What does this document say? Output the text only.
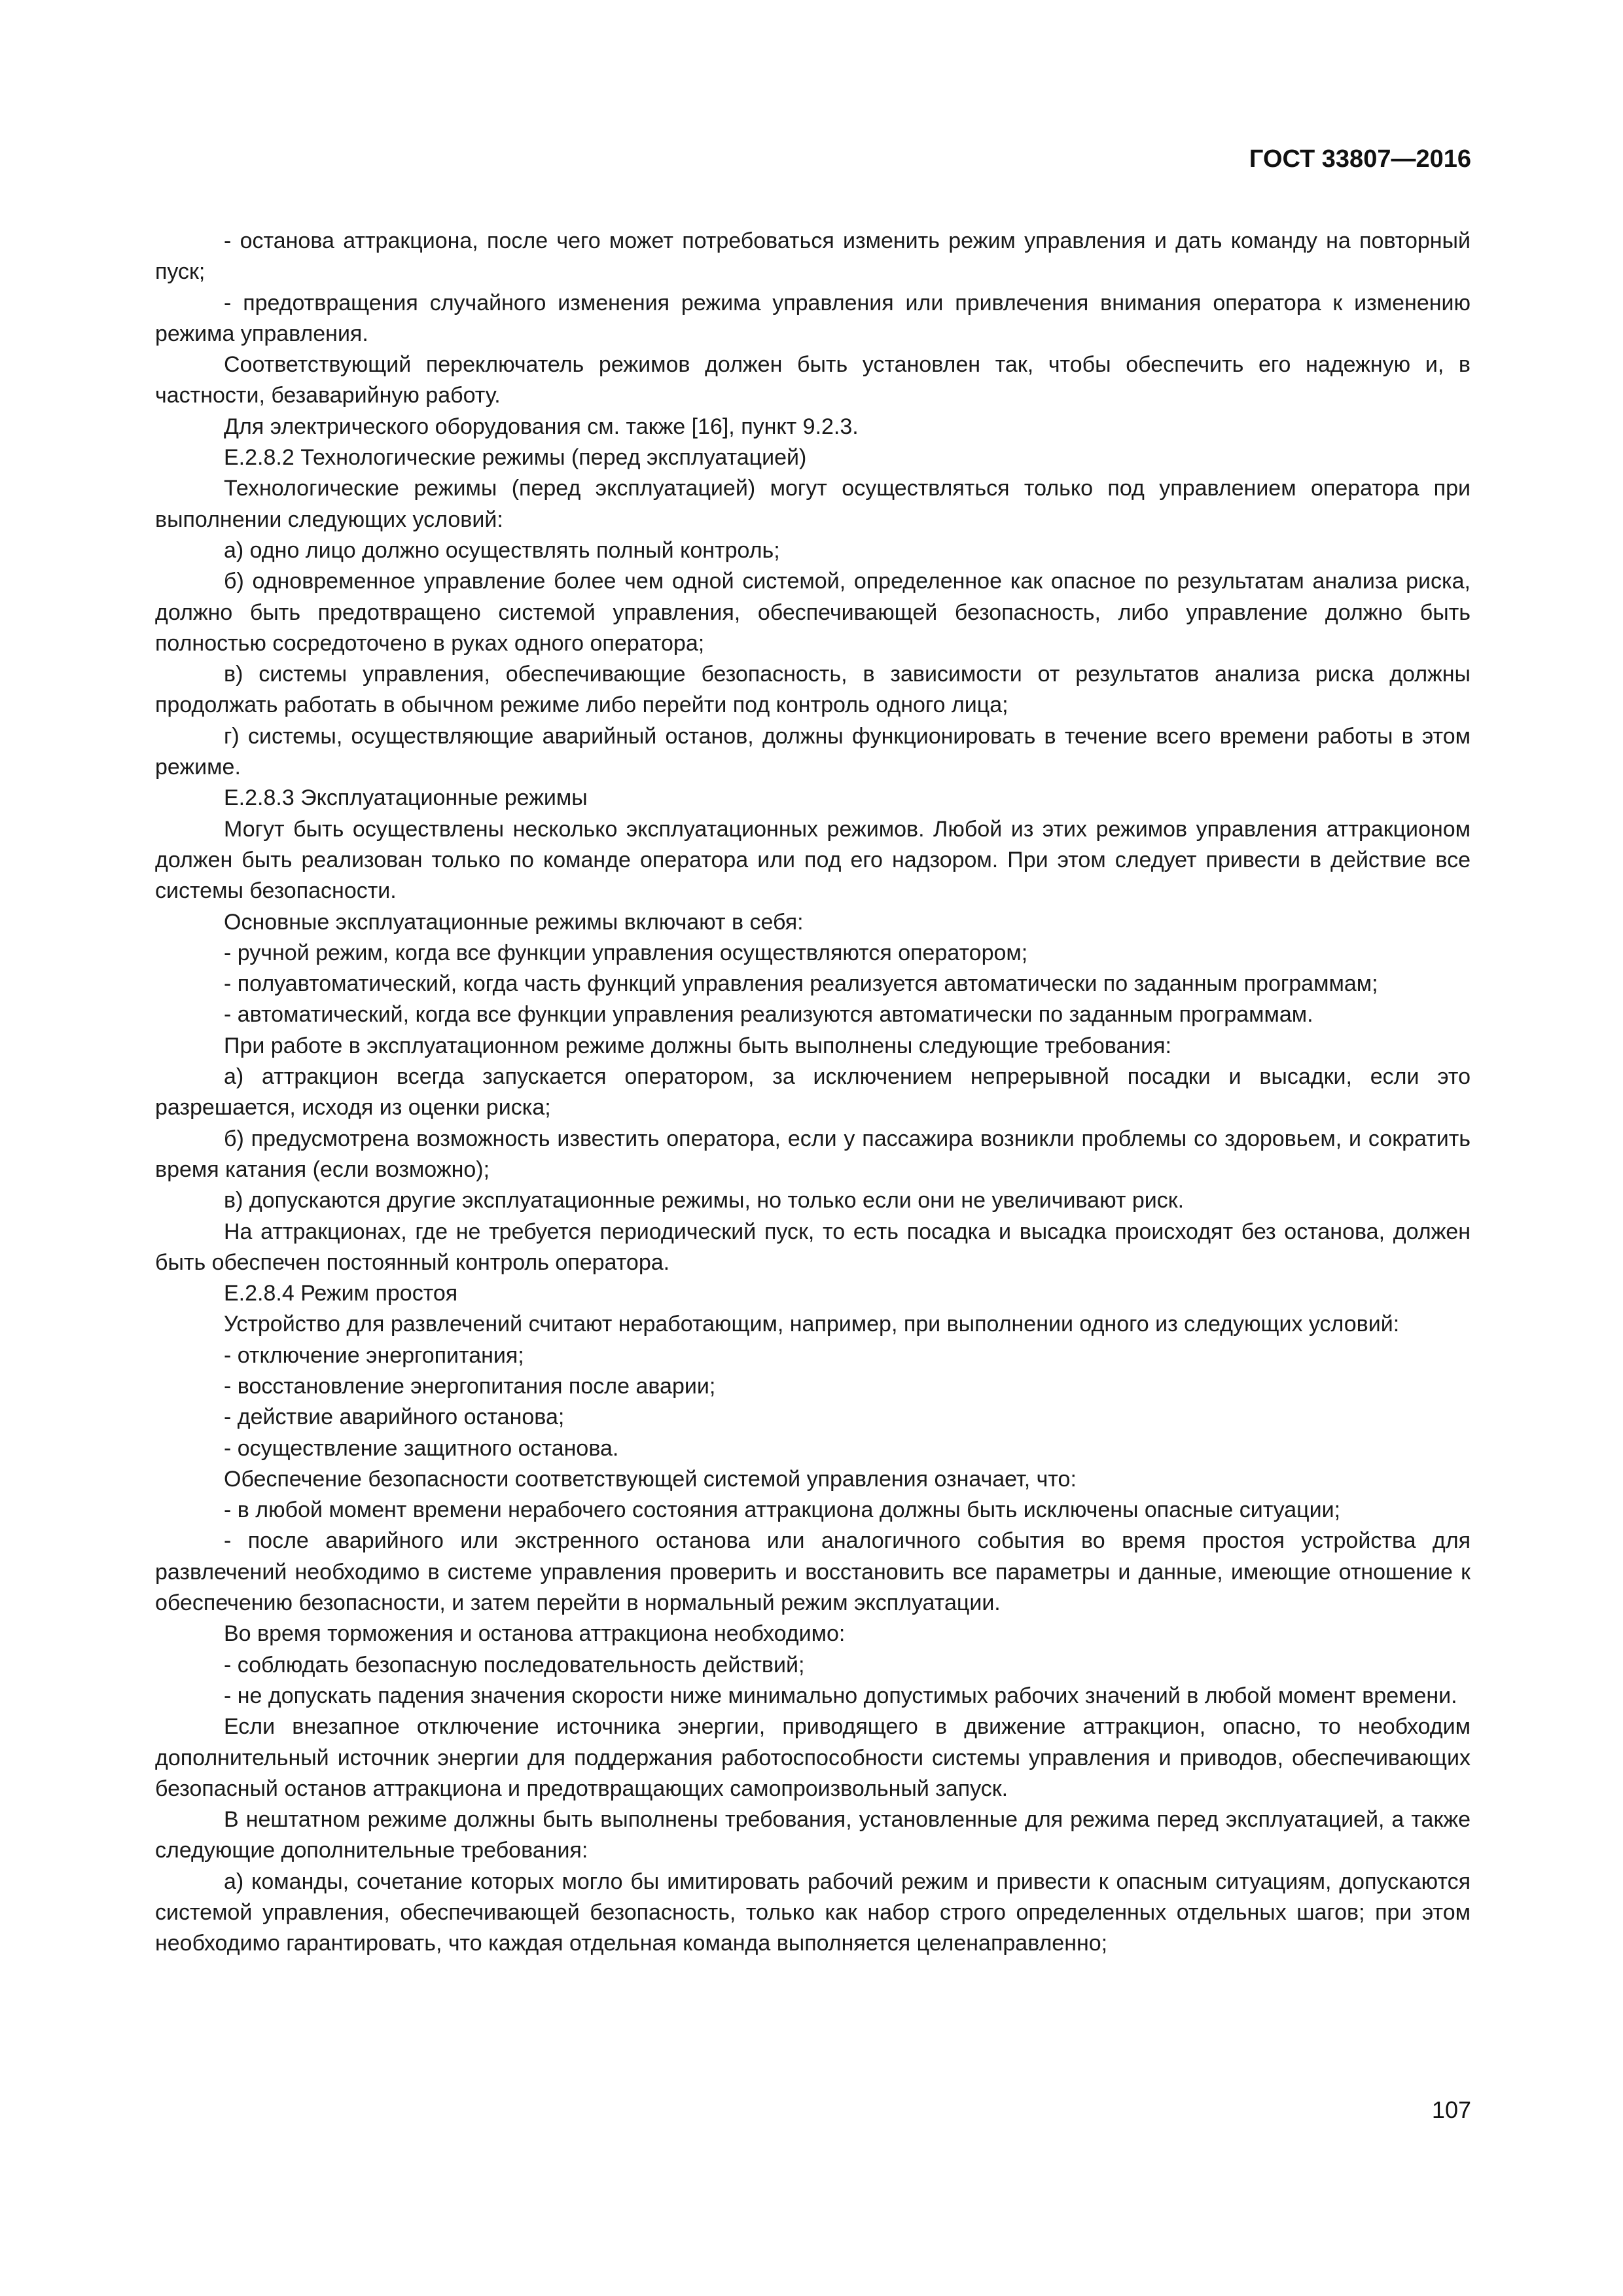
ГОСТ 33807—2016

- останова аттракциона, после чего может потребоваться изменить режим управления и дать команду на повторный пуск;

- предотвращения случайного изменения режима управления или привлечения внимания оператора к изменению режима управления.

Соответствующий переключатель режимов должен быть установлен так, чтобы обеспечить его надежную и, в частности, безаварийную работу.

Для электрического оборудования см. также [16], пункт 9.2.3.

Е.2.8.2 Технологические режимы (перед эксплуатацией)

Технологические режимы (перед эксплуатацией) могут осуществляться только под управлением оператора при выполнении следующих условий:

а) одно лицо должно осуществлять полный контроль;

б) одновременное управление более чем одной системой, определенное как опасное по результатам анализа риска, должно быть предотвращено системой управления, обеспечивающей безопасность, либо управление должно быть полностью сосредоточено в руках одного оператора;

в) системы управления, обеспечивающие безопасность, в зависимости от результатов анализа риска должны продолжать работать в обычном режиме либо перейти под контроль одного лица;

г) системы, осуществляющие аварийный останов, должны функционировать в течение всего времени работы в этом режиме.

Е.2.8.3 Эксплуатационные режимы

Могут быть осуществлены несколько эксплуатационных режимов. Любой из этих режимов управления аттракционом должен быть реализован только по команде оператора или под его надзором. При этом следует привести в действие все системы безопасности.

Основные эксплуатационные режимы включают в себя:

- ручной режим, когда все функции управления осуществляются оператором;

- полуавтоматический, когда часть функций управления реализуется автоматически по заданным программам;

- автоматический, когда все функции управления реализуются автоматически по заданным программам.

При работе в эксплуатационном режиме должны быть выполнены следующие требования:

а) аттракцион всегда запускается оператором, за исключением непрерывной посадки и высадки, если это разрешается, исходя из оценки риска;

б) предусмотрена возможность известить оператора, если у пассажира возникли проблемы со здоровьем, и сократить время катания (если возможно);

в) допускаются другие эксплуатационные режимы, но только если они не увеличивают риск.

На аттракционах, где не требуется периодический пуск, то есть посадка и высадка происходят без останова, должен быть обеспечен постоянный контроль оператора.

Е.2.8.4 Режим простоя

Устройство для развлечений считают неработающим, например, при выполнении одного из следующих условий:

- отключение энергопитания;

- восстановление энергопитания после аварии;

- действие аварийного останова;

- осуществление защитного останова.

Обеспечение безопасности соответствующей системой управления означает, что:

- в любой момент времени нерабочего состояния аттракциона должны быть исключены опасные ситуации;

- после аварийного или экстренного останова или аналогичного события во время простоя устройства для развлечений необходимо в системе управления проверить и восстановить все параметры и данные, имеющие отношение к обеспечению безопасности, и затем перейти в нормальный режим эксплуатации.

Во время торможения и останова аттракциона необходимо:

- соблюдать безопасную последовательность действий;

- не допускать падения значения скорости ниже минимально допустимых рабочих значений в любой момент времени.

Если внезапное отключение источника энергии, приводящего в движение аттракцион, опасно, то необходим дополнительный источник энергии для поддержания работоспособности системы управления и приводов, обеспечивающих безопасный останов аттракциона и предотвращающих самопроизвольный запуск.

В нештатном режиме должны быть выполнены требования, установленные для режима перед эксплуатацией, а также следующие дополнительные требования:

а) команды, сочетание которых могло бы имитировать рабочий режим и привести к опасным ситуациям, допускаются системой управления, обеспечивающей безопасность, только как набор строго определенных отдельных шагов; при этом необходимо гарантировать, что каждая отдельная команда выполняется целенаправленно;

107
